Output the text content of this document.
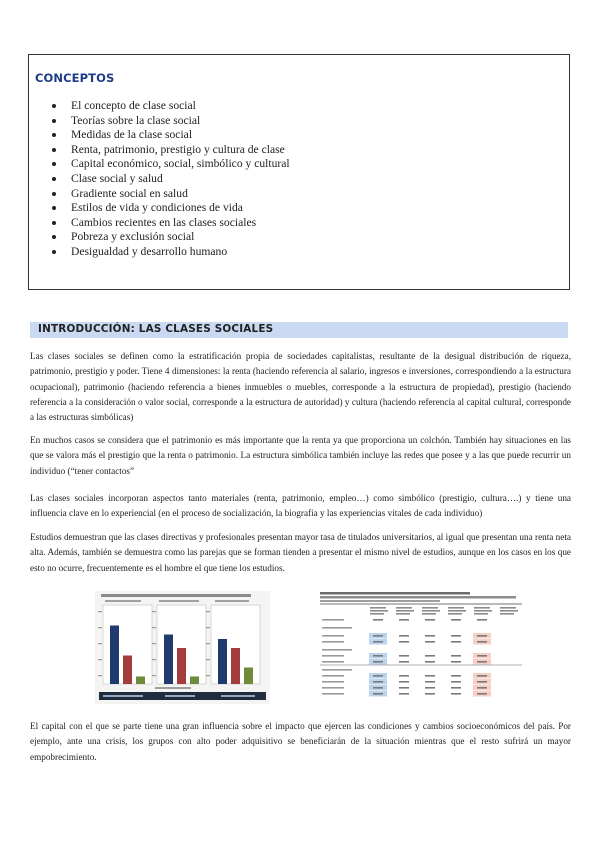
CONCEPTOS
El concepto de clase social
Teorías sobre la clase social
Medidas de la clase social
Renta, patrimonio, prestigio y cultura de clase
Capital económico, social, simbólico y cultural
Clase social y salud
Gradiente social en salud
Estilos de vida y condiciones de vida
Cambios recientes en las clases sociales
Pobreza y exclusión social
Desigualdad y desarrollo humano
INTRODUCCIÓN: LAS CLASES SOCIALES

Las clases sociales se definen como la estratificación propia de sociedades capitalistas, resultante de la desigual distribución de riqueza, patrimonio, prestigio y poder. Tiene 4 dimensiones: la renta (haciendo referencia al salario, ingresos e inversiones, correspondiendo a la estructura ocupacional), patrimonio (haciendo referencia a bienes inmuebles o muebles, corresponde a la estructura de propiedad), prestigio (haciendo referencia a la consideración o valor social, corresponde a la estructura de autoridad) y cultura (haciendo referencia al capital cultural, corresponde a las estructuras simbólicas)

En muchos casos se considera que el patrimonio es más importante que la renta ya que proporciona un colchón. También hay situaciones en las que se valora más el prestigio que la renta o patrimonio. La estructura simbólica también incluye las redes que posee y a las que puede recurrir un individuo (“tener contactos”

Las clases sociales incorporan aspectos tanto materiales (renta, patrimonio, empleo…) como simbólico (prestigio, cultura….) y tiene una influencia clave en lo experiencial (en el proceso de socialización, la biografía y las experiencias vitales de cada individuo)

Estudios demuestran que las clases directivas y profesionales presentan mayor tasa de titulados universitarios, al igual que presentan una renta neta alta. Además, también se demuestra como las parejas que se forman tienden a presentar el mismo nivel de estudios, aunque en los casos en los que esto no ocurre, frecuentemente es el hombre el que tiene los estudios.

El capital con el que se parte tiene una gran influencia sobre el impacto que ejercen las condiciones y cambios socioeconómicos del país. Por ejemplo, ante una crisis, los grupos con alto poder adquisitivo se beneficiarán de la situación mientras que el resto sufrirá un mayor empobrecimiento.
